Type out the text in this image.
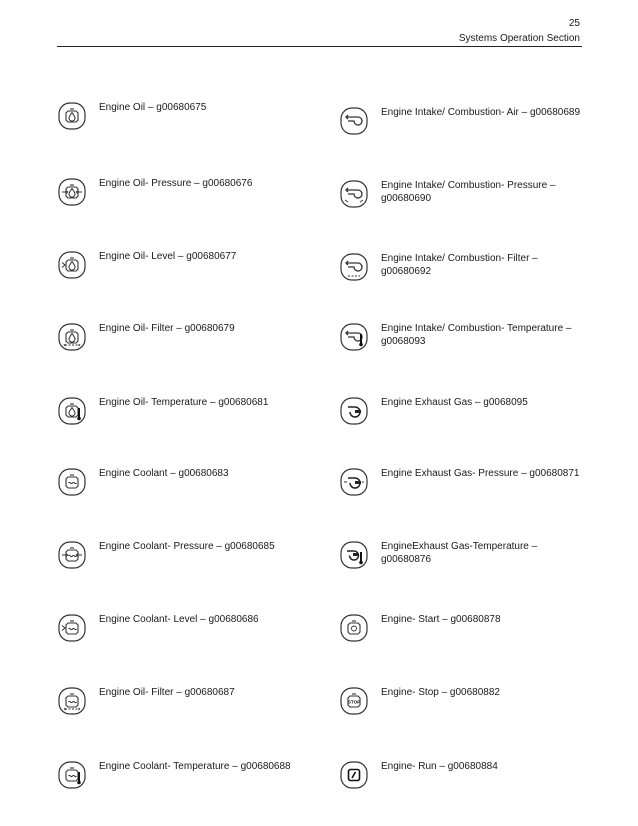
25
Systems Operation Section
Engine Oil – g00680675
Engine Oil- Pressure – g00680676
Engine Oil- Level – g00680677
Engine Oil- Filter – g00680679
Engine Oil- Temperature – g00680681
Engine Coolant – g00680683
Engine Coolant- Pressure – g00680685
Engine Coolant- Level – g00680686
Engine Oil- Filter – g00680687
Engine Coolant- Temperature – g00680688
Engine Intake/ Combustion- Air – g00680689
Engine Intake/ Combustion- Pressure – g00680690
Engine Intake/ Combustion- Filter – g00680692
Engine Intake/ Combustion- Temperature – g0068093
Engine Exhaust Gas – g0068095
Engine Exhaust Gas- Pressure – g00680871
EngineExhaust Gas-Temperature – g00680876
Engine- Start – g00680878
STOP
Engine- Stop – g00680882
Engine- Run – g00680884
